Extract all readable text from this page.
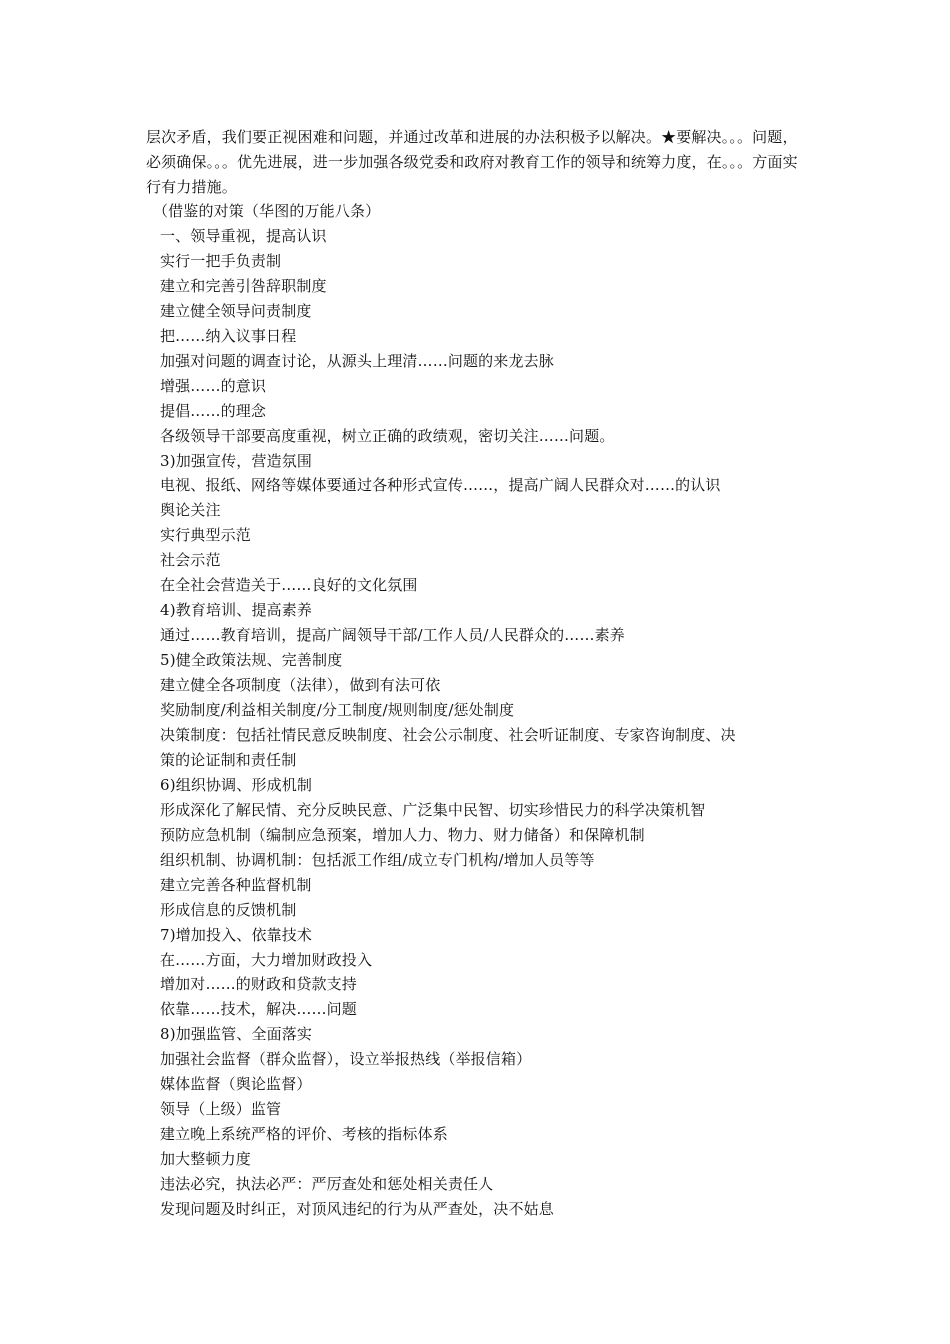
层次矛盾，我们要正视困难和问题，并通过改革和进展的办法积极予以解决。★要解决。。。问题，必须确保。。。优先进展，进一步加强各级党委和政府对教育工作的领导和统筹力度，在。。。方面实行有力措施。
（借鉴的对策（华图的万能八条）
一、领导重视，提高认识
实行一把手负责制
建立和完善引咎辞职制度
建立健全领导问责制度
把……纳入议事日程
加强对问题的调查讨论，从源头上理清……问题的来龙去脉
增强……的意识
提倡……的理念
各级领导干部要高度重视，树立正确的政绩观，密切关注……问题。
3)加强宣传，营造氛围
电视、报纸、网络等媒体要通过各种形式宣传……，提高广阔人民群众对……的认识
舆论关注
实行典型示范
社会示范
在全社会营造关于……良好的文化氛围
4)教育培训、提高素养
通过……教育培训，提高广阔领导干部/工作人员/人民群众的……素养
5)健全政策法规、完善制度
建立健全各项制度（法律），做到有法可依
奖励制度/利益相关制度/分工制度/规则制度/惩处制度
决策制度：包括社情民意反映制度、社会公示制度、社会听证制度、专家咨询制度、决
策的论证制和责任制
6)组织协调、形成机制
形成深化了解民情、充分反映民意、广泛集中民智、切实珍惜民力的科学决策机智
预防应急机制（编制应急预案，增加人力、物力、财力储备）和保障机制
组织机制、协调机制：包括派工作组/成立专门机构/增加人员等等
建立完善各种监督机制
形成信息的反馈机制
7)增加投入、依靠技术
在……方面，大力增加财政投入
增加对……的财政和贷款支持
依靠……技术，解决……问题
8)加强监管、全面落实
加强社会监督（群众监督），设立举报热线（举报信箱）
媒体监督（舆论监督）
领导（上级）监管
建立晚上系统严格的评价、考核的指标体系
加大整顿力度
违法必究，执法必严：严厉查处和惩处相关责任人
发现问题及时纠正，对顶风违纪的行为从严查处，决不姑息
